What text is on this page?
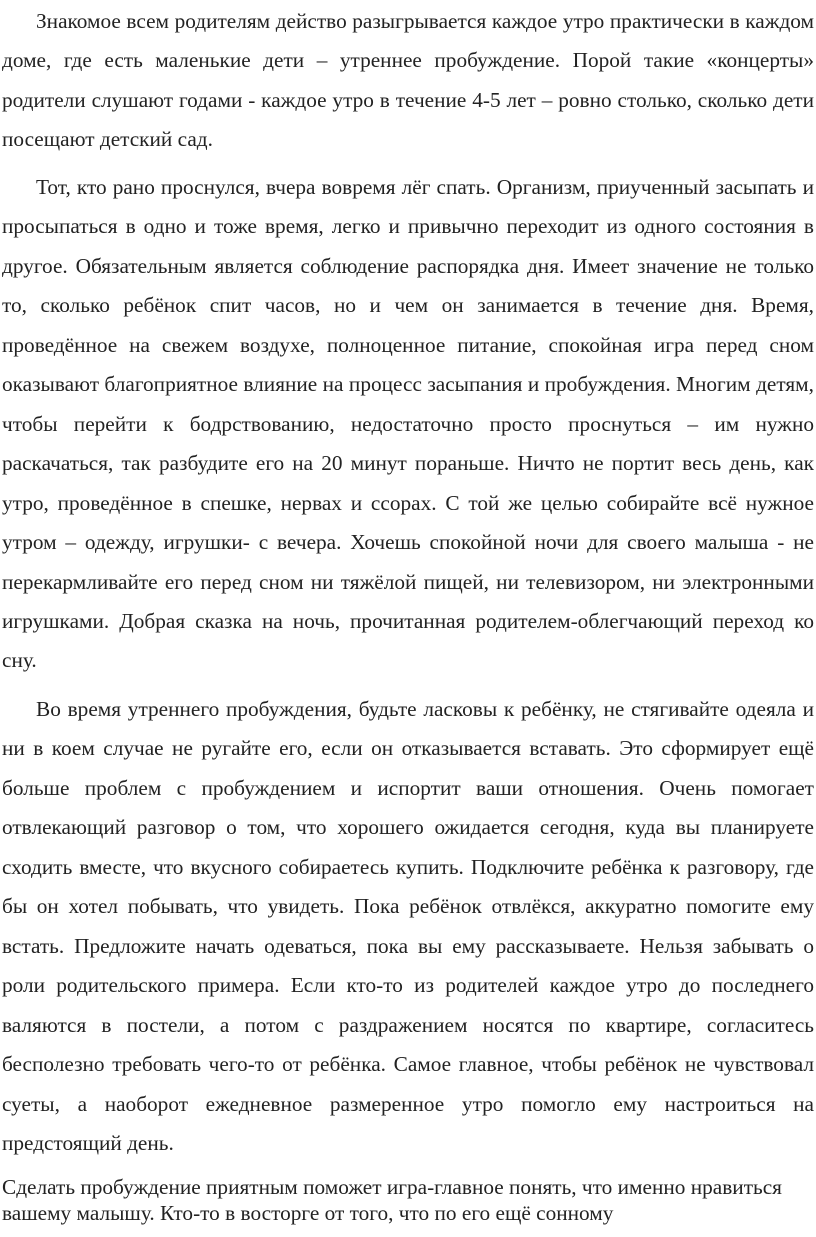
Знакомое всем родителям действо разыгрывается каждое утро практически в каждом доме, где есть маленькие дети – утреннее пробуждение. Порой такие «концерты» родители слушают годами - каждое утро в течение 4-5 лет – ровно столько, сколько дети посещают детский сад.

Тот, кто рано проснулся, вчера вовремя лёг спать. Организм, приученный засыпать и просыпаться в одно и тоже время, легко и привычно переходит из одного состояния в другое. Обязательным является соблюдение распорядка дня. Имеет значение не только то, сколько ребёнок спит часов, но и чем он занимается в течение дня. Время, проведённое на свежем воздухе, полноценное питание, спокойная игра перед сном оказывают благоприятное влияние на процесс засыпания и пробуждения. Многим детям, чтобы перейти к бодрствованию, недостаточно просто проснуться – им нужно раскачаться, так разбудите его на 20 минут пораньше. Ничто не портит весь день, как утро, проведённое в спешке, нервах и ссорах. С той же целью собирайте всё нужное утром – одежду, игрушки- с вечера. Хочешь спокойной ночи для своего малыша - не перекармливайте его перед сном ни тяжёлой пищей, ни телевизором, ни электронными игрушками. Добрая сказка на ночь, прочитанная родителем-облегчающий переход ко сну.

Во время утреннего пробуждения, будьте ласковы к ребёнку, не стягивайте одеяла и ни в коем случае не ругайте его, если он отказывается вставать. Это сформирует ещё больше проблем с пробуждением и испортит ваши отношения. Очень помогает отвлекающий разговор о том, что хорошего ожидается сегодня, куда вы планируете сходить вместе, что вкусного собираетесь купить. Подключите ребёнка к разговору, где бы он хотел побывать, что увидеть. Пока ребёнок отвлёкся, аккуратно помогите ему встать. Предложите начать одеваться, пока вы ему рассказываете. Нельзя забывать о роли родительского примера. Если кто-то из родителей каждое утро до последнего валяются в постели, а потом с раздражением носятся по квартире, согласитесь бесполезно требовать чего-то от ребёнка. Самое главное, чтобы ребёнок не чувствовал суеты, а наоборот ежедневное размеренное утро помогло ему настроиться на предстоящий день.

Сделать пробуждение приятным поможет игра-главное понять, что именно нравиться вашему малышу. Кто-то в восторге от того, что по его ещё сонному
